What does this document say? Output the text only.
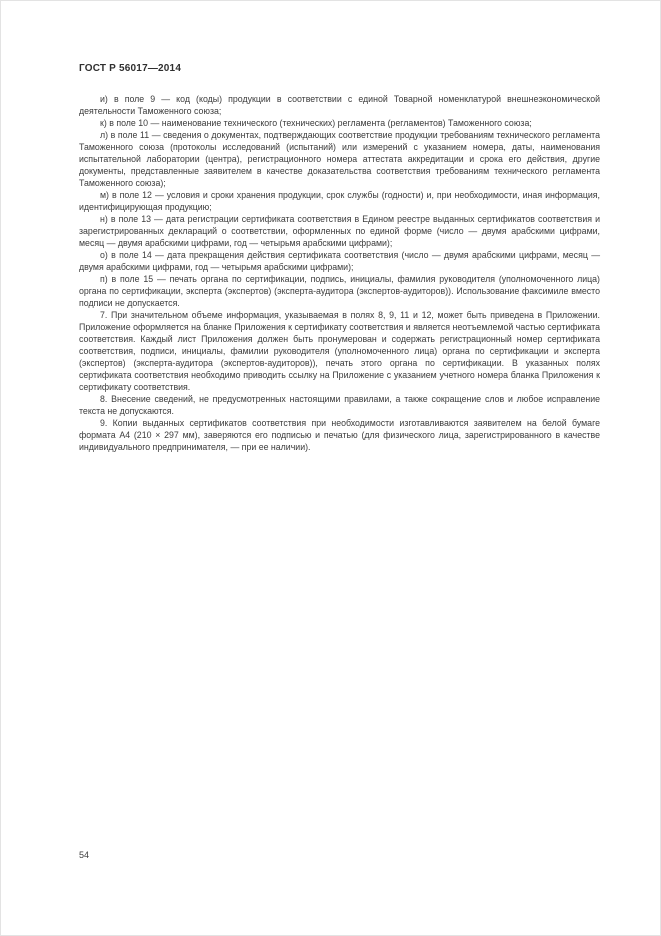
ГОСТ Р 56017—2014

и) в поле 9 — код (коды) продукции в соответствии с единой Товарной номенклатурой внешнеэкономической деятельности Таможенного союза;

к) в поле 10 — наименование технического (технических) регламента (регламентов) Таможенного союза;

л) в поле 11 — сведения о документах, подтверждающих соответствие продукции требованиям технического регламента Таможенного союза (протоколы исследований (испытаний) или измерений с указанием номера, даты, наименования испытательной лаборатории (центра), регистрационного номера аттестата аккредитации и срока его действия, другие документы, представленные заявителем в качестве доказательства соответствия требованиям технического регламента Таможенного союза);

м) в поле 12 — условия и сроки хранения продукции, срок службы (годности) и, при необходимости, иная информация, идентифицирующая продукцию;

н) в поле 13 — дата регистрации сертификата соответствия в Едином реестре выданных сертификатов соответствия и зарегистрированных деклараций о соответствии, оформленных по единой форме (число — двумя арабскими цифрами, месяц — двумя арабскими цифрами, год — четырьмя арабскими цифрами);

о) в поле 14 — дата прекращения действия сертификата соответствия (число — двумя арабскими цифрами, месяц — двумя арабскими цифрами, год — четырьмя арабскими цифрами);

п) в поле 15 — печать органа по сертификации, подпись, инициалы, фамилия руководителя (уполномоченного лица) органа по сертификации, эксперта (экспертов) (эксперта-аудитора (экспертов-аудиторов)). Использование факсимиле вместо подписи не допускается.

7. При значительном объеме информация, указываемая в полях 8, 9, 11 и 12, может быть приведена в Приложении. Приложение оформляется на бланке Приложения к сертификату соответствия и является неотъемлемой частью сертификата соответствия. Каждый лист Приложения должен быть пронумерован и содержать регистрационный номер сертификата соответствия, подписи, инициалы, фамилии руководителя (уполномоченного лица) органа по сертификации и эксперта (экспертов) (эксперта-аудитора (экспертов-аудиторов)), печать этого органа по сертификации. В указанных полях сертификата соответствия необходимо приводить ссылку на Приложение с указанием учетного номера бланка Приложения к сертификату соответствия.

8. Внесение сведений, не предусмотренных настоящими правилами, а также сокращение слов и любое исправление текста не допускаются.

9. Копии выданных сертификатов соответствия при необходимости изготавливаются заявителем на белой бумаге формата А4 (210 × 297 мм), заверяются его подписью и печатью (для физического лица, зарегистрированного в качестве индивидуального предпринимателя, — при ее наличии).

54
